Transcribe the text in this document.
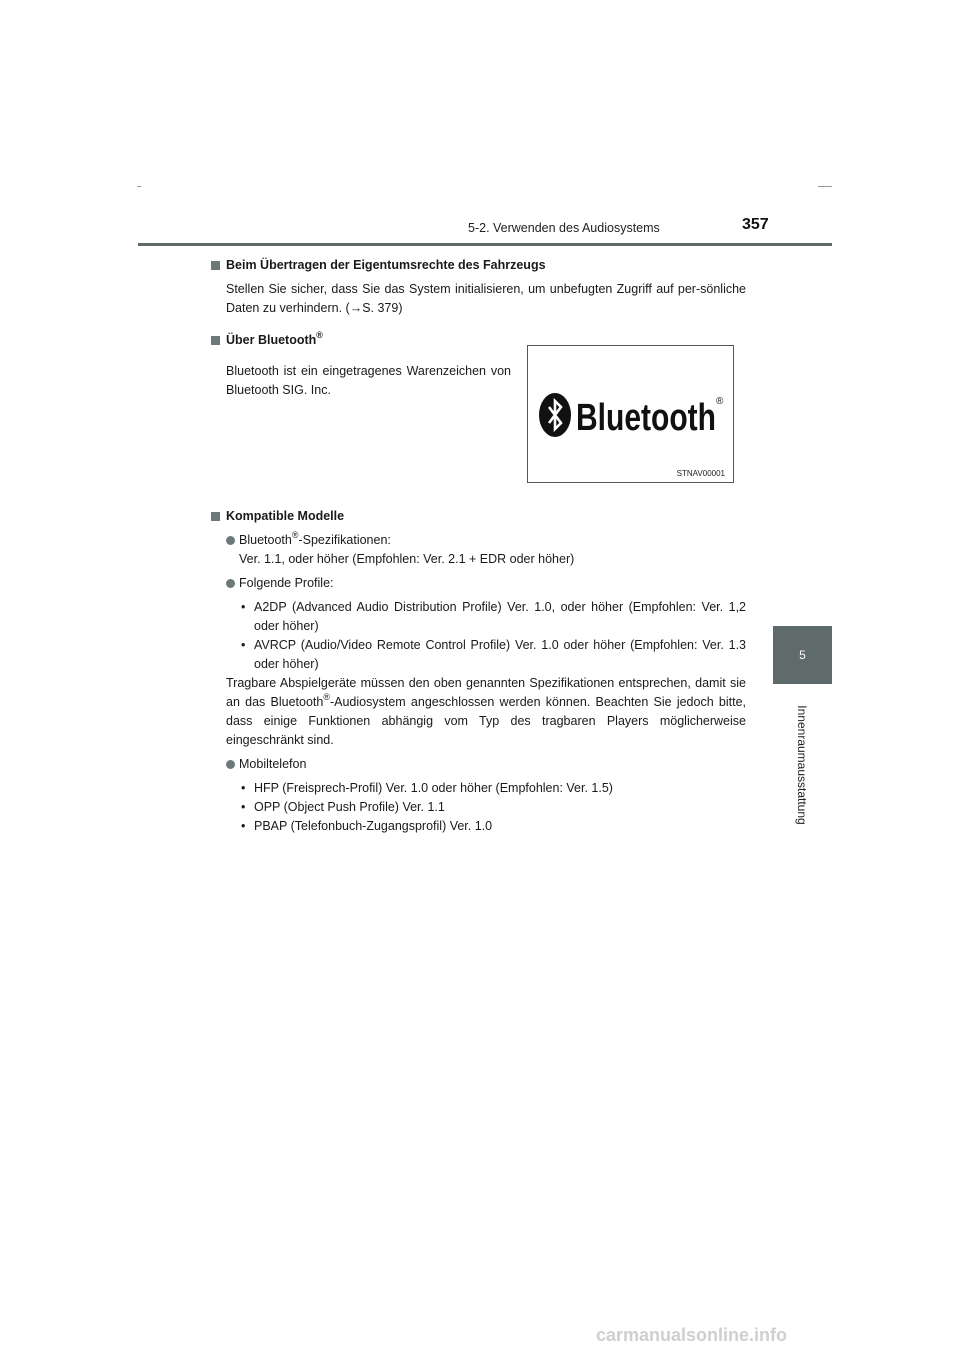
5-2. Verwenden des Audiosystems	357
5
Innenraumausstattung
Beim Übertragen der Eigentumsrechte des Fahrzeugs

Stellen Sie sicher, dass Sie das System initialisieren, um unbefugten Zugriff auf per-sönliche Daten zu verhindern. (→S. 379)

Über Bluetooth®

Bluetooth ist ein eingetragenes Warenzeichen von Bluetooth SIG. Inc.

Kompatible Modelle
Bluetooth®-Spezifikationen:

Ver. 1.1, oder höher (Empfohlen: Ver. 2.1 + EDR oder höher)

Folgende Profile:
• A2DP (Advanced Audio Distribution Profile) Ver. 1.0, oder höher (Empfohlen: Ver. 1,2 oder höher)
• AVRCP (Audio/Video Remote Control Profile) Ver. 1.0 oder höher (Empfohlen: Ver. 1.3 oder höher)

Tragbare Abspielgeräte müssen den oben genannten Spezifikationen entsprechen, damit sie an das Bluetooth®-Audiosystem angeschlossen werden können. Beachten Sie jedoch bitte, dass einige Funktionen abhängig vom Typ des tragbaren Players möglicherweise eingeschränkt sind.

Mobiltelefon
• HFP (Freisprech-Profil) Ver. 1.0 oder höher (Empfohlen: Ver. 1.5)
• OPP (Object Push Profile) Ver. 1.1
• PBAP (Telefonbuch-Zugangsprofil) Ver. 1.0
Bluetooth ®
STNAV00001
carmanualsonline.info
